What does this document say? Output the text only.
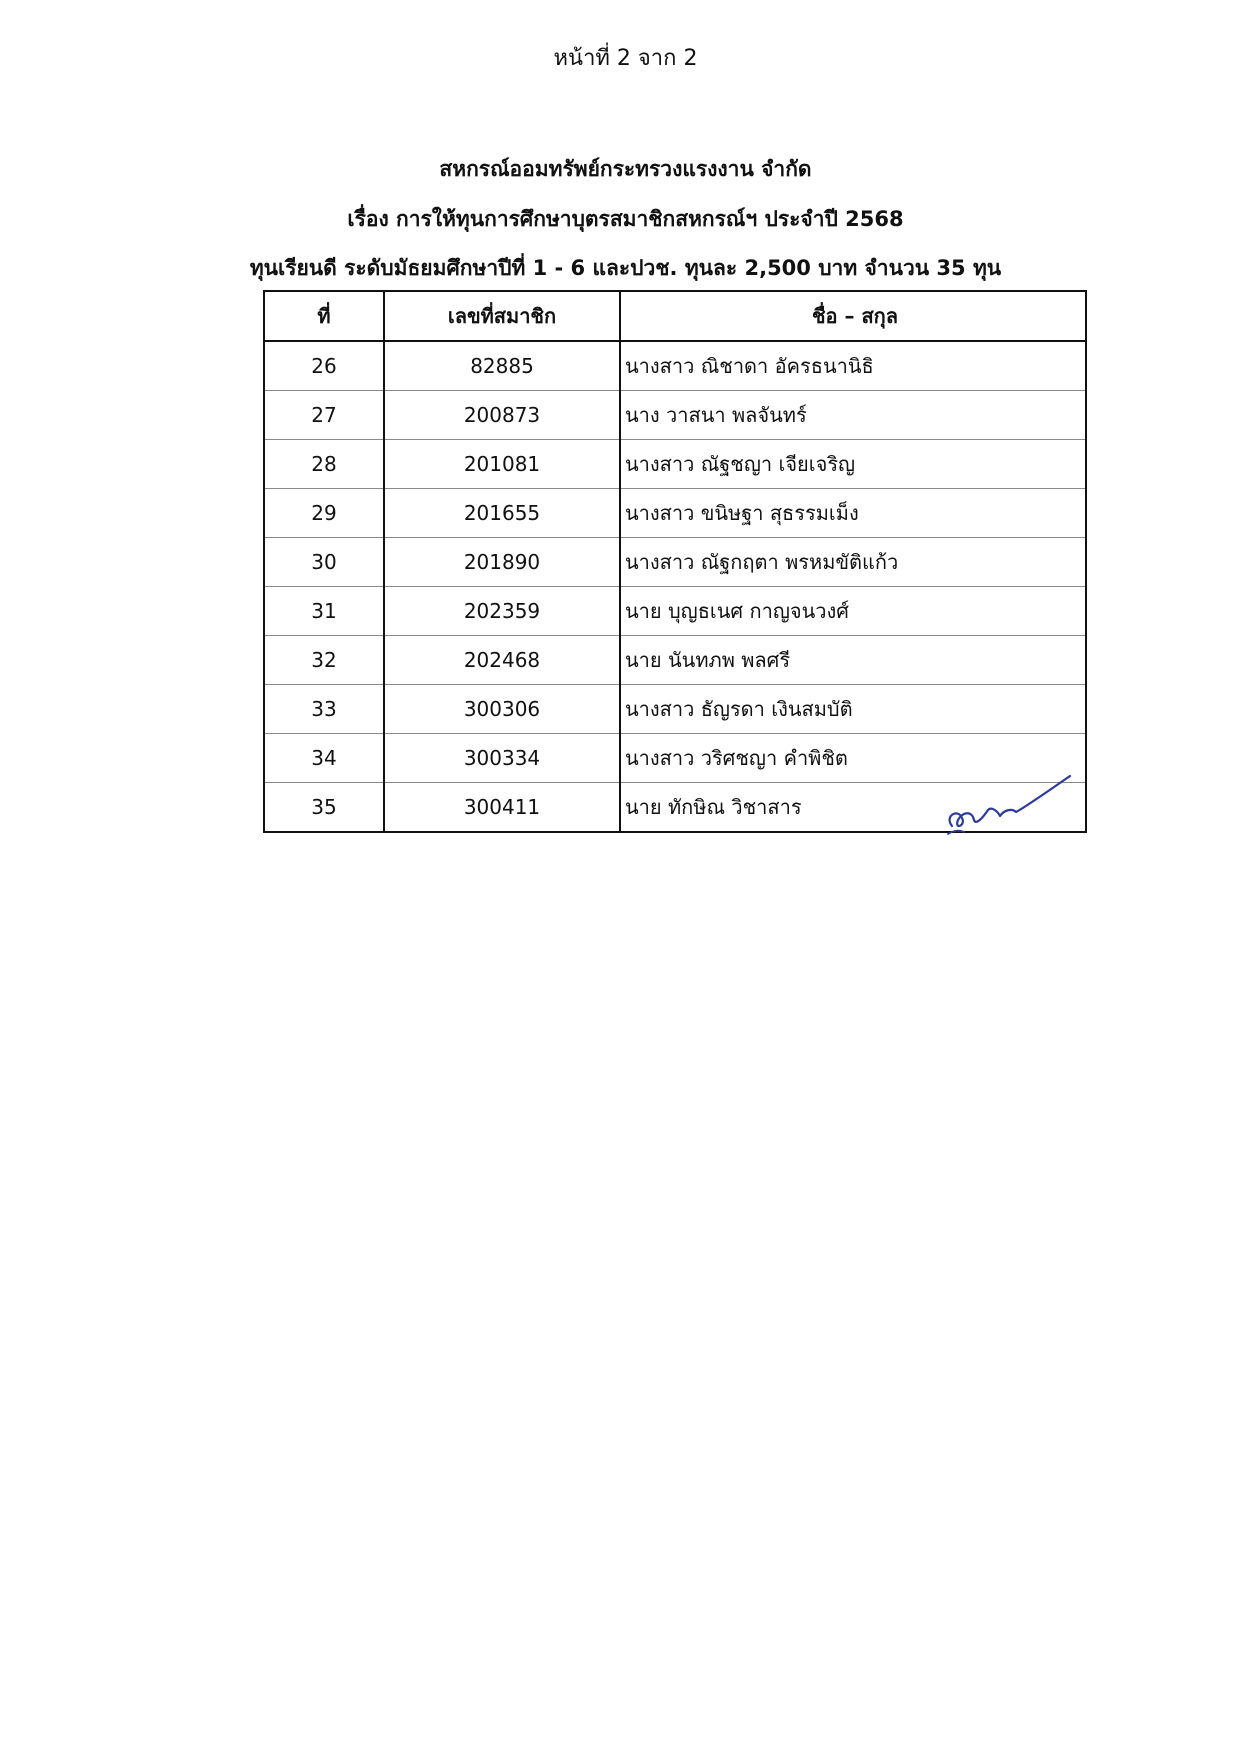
หน้าที่ 2 จาก 2
สหกรณ์ออมทรัพย์กระทรวงแรงงาน จำกัด
เรื่อง การให้ทุนการศึกษาบุตรสมาชิกสหกรณ์ฯ ประจำปี 2568
ทุนเรียนดี ระดับมัธยมศึกษาปีที่ 1 - 6 และปวช. ทุนละ 2,500 บาท จำนวน 35 ทุน
ที่	เลขที่สมาชิก	ชื่อ – สกุล
26	82885	นางสาว ณิชาดา อัครธนานิธิ
27	200873	นาง วาสนา พลจันทร์
28	201081	นางสาว ณัฐชญา เจียเจริญ
29	201655	นางสาว ขนิษฐา สุธรรมเม็ง
30	201890	นางสาว ณัฐกฤตา พรหมขัติแก้ว
31	202359	นาย บุญธเนศ กาญจนวงศ์
32	202468	นาย นันทภพ พลศรี
33	300306	นางสาว ธัญรดา เงินสมบัติ
34	300334	นางสาว วริศชญา คำพิชิต
35	300411	นาย ทักษิณ วิชาสาร
